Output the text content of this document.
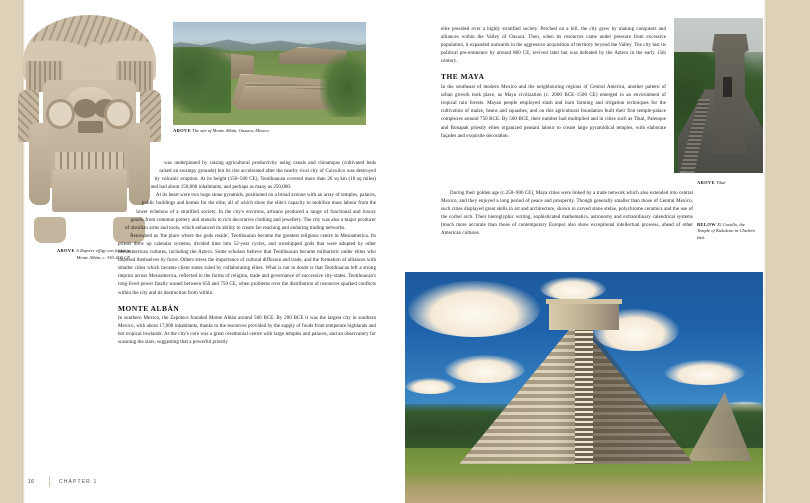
ABOVE The site of Monte Albán, Oaxaca, Mexico.
ABOVE A Zapotec effigy urn found in Monte Albán, c. 350–600 CE

was underpinned by raising agricultural productivity using canals and chinampas (cultivated beds raised on swampy grounds) but its rise accelerated after the nearby rival city of Cuicuilco was destroyed by volcanic eruption. At its height (150–500 CE), Teotihuacan covered more than 26 sq km (10 sq miles) and had about 150,000 inhabitants, and perhaps as many as 250,000.

At its heart were two huge stone pyramids, positioned on a broad avenue with an array of temples, palaces, public buildings and homes for the elite, all of which show the elite's capacity to mobilize mass labour from the lower echelons of a stratified society. In the city's environs, artisans produced a range of functional and luxury goods, from common pottery and utensils to rich decorative clothing and jewellery. The city was also a major producer of obsidian arms and tools, which enhanced its ability to create far-reaching and enduring trading networks.

Renowned as 'the place where the gods reside', Teotihuacan became the greatest religious centre in Mesoamerica. Its priests drew up calendar systems, divided time into 52-year cycles, and worshipped gods that were adopted by other Mesoamerican cultures, including the Aztecs. Some scholars believe that Teotihuacan became militaristic under elites who imposed themselves by force. Others stress the importance of cultural diffusion and trade, and the formation of alliances with smaller cities which became client states ruled by collaborating elites. What is not in doubt is that Teotihuacan left a strong imprint across Mesoamerica, reflected in the forms of religion, trade and governance of successive city-states. Teotihuacan's long-lived power finally waned between 650 and 750 CE, when problems over the distribution of resources sparked conflicts within the city and its destruction from within.

MONTE ALBÁN

In southern Mexico, the Zapotecs founded Monte Albán around 500 BCE. By 200 BCE it was the largest city in southern Mexico, with about 17,000 inhabitants, thanks to the resources provided by the supply of foods from temperate highlands and hot tropical lowlands. At the city's core was a great ceremonial centre with large temples and palaces, and an observatory for scanning the stars, suggesting that a powerful priestly

16	CHAPTER 1

elite presided over a highly stratified society. Perched on a hill, the city grew by making conquests and alliances within the Valley of Oaxaca. Then, when its resources came under pressure from excessive population, it expanded outwards in the aggressive acquisition of territory beyond the Valley. The city lost its political pre-eminence by around 800 CE, revived later but was defeated by the Aztecs in the early 15th century.

THE MAYA

In the southeast of modern Mexico and the neighbouring regions of Central America, another pattern of urban growth took place, as Maya civilization (c. 2000 BCE–1500 CE) emerged in an environment of tropical rain forests. Mayan people employed slash and burn farming and irrigation techniques for the cultivation of maize, beans and squashes, and on this agricultural foundation built their first temple-palace complexes around 750 BCE. By 500 BCE, their number had multiplied and in cities such as Tikal, Palenque and Bonapak priestly elites organized peasant labour to create large pyramidical temples, with elaborate façades and exquisite decoration.

During their golden age (c.250–900 CE), Maya cities were linked by a trade network which also extended into central Mexico, and they enjoyed a long period of peace and prosperity. Though generally smaller than those of Central Mexico, such cities displayed great skills in art and architecture, shown in carved stone stelae, polychrome ceramics and the use of the corbel arch. Their hieroglyphic writing, sophisticated mathematics, astronomy and extraordinary calendrical systems (much more accurate than those of contemporary Europe) also show exceptional intellectual prowess, ahead of other American cultures.

ABOVE Tikal
BELOW El Castillo, the Temple of Kukulcan in Chichén Itzá.
